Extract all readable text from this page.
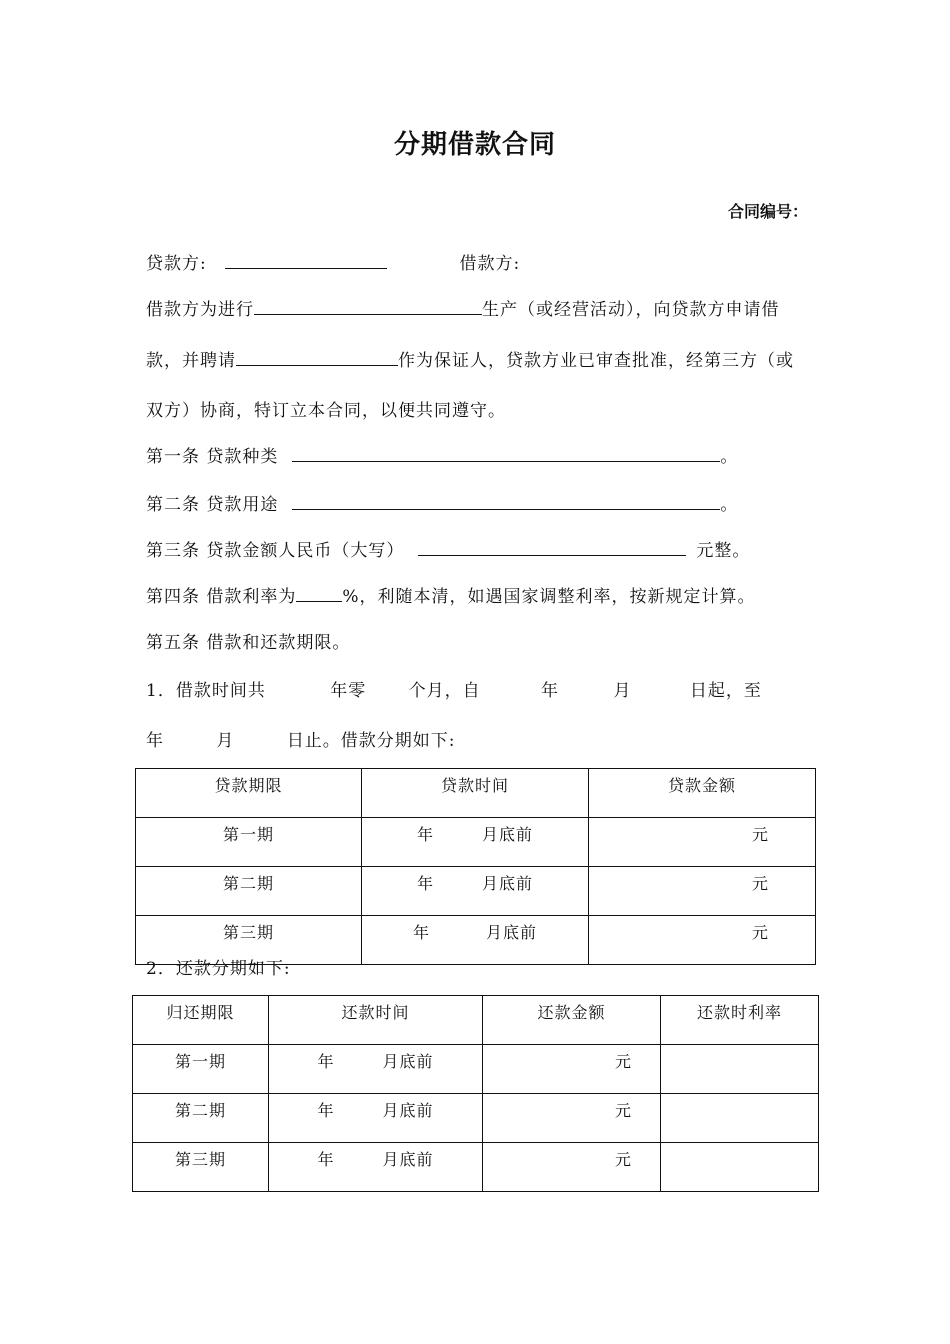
分期借款合同
合同编号：
贷款方:	借款方:
借款方为进行	生产（或经营活动），向贷款方申请借
款，并聘请	作为保证人，贷款方业已审查批准，经第三方（或
双方）协商，特订立本合同，以便共同遵守。
第一条 贷款种类	。
第二条 贷款用途	。
第三条 贷款金额人民币（大写）	元整。
第四条 借款利率为	%，利随本清，如遇国家调整利率，按新规定计算。
第五条 借款和还款期限。
1．借款时间共	年零 个月，自	年	月	日起，至
年	月	日止。借款分期如下:
贷款期限	贷款时间	贷款金额
第一期	年 月底前	元

第二期	年 月底前	元

第三期	年 月底前	元
2．还款分期如下:
归还期限	还款时间	还款金额	还款时利率
第一期	年 月底前	元	

第二期	年 月底前	元	

第三期	年 月底前	元	
